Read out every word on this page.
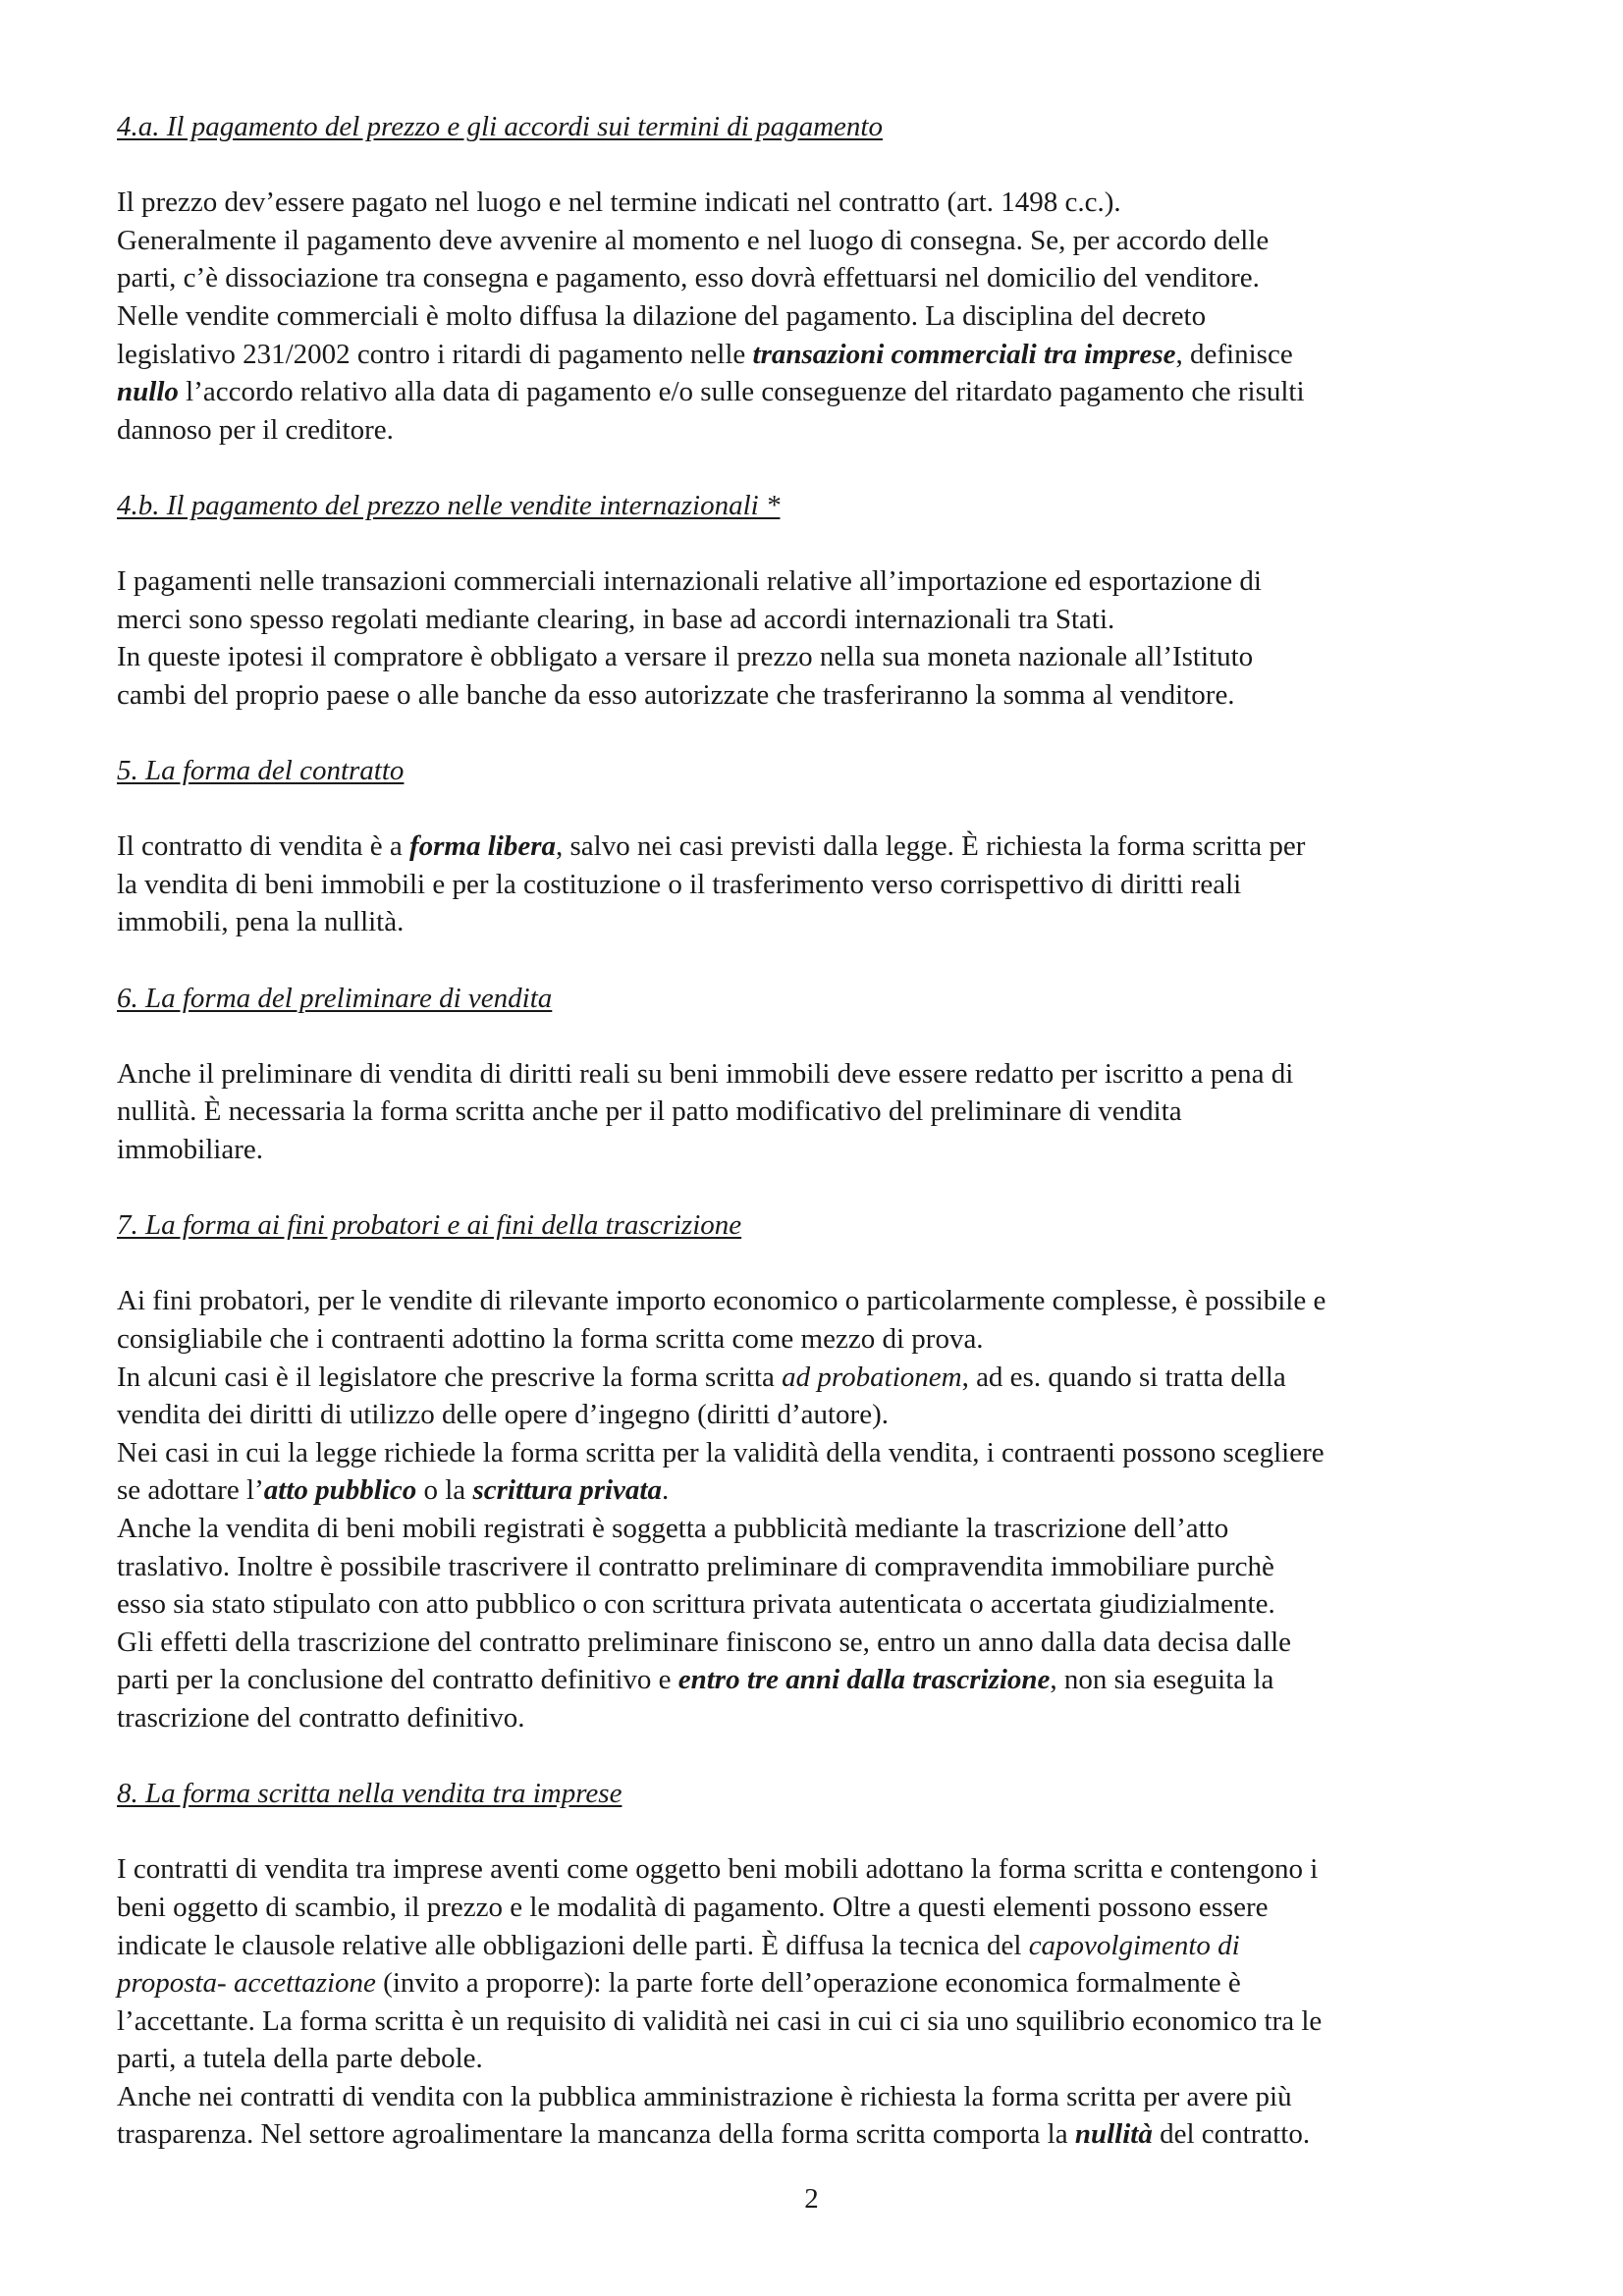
4.a. Il pagamento del prezzo e gli accordi sui termini di pagamento
Il prezzo dev’essere pagato nel luogo e nel termine indicati nel contratto (art. 1498 c.c.).
Generalmente il pagamento deve avvenire al momento e nel luogo di consegna. Se, per accordo delle
parti, c’è dissociazione tra consegna e pagamento, esso dovrà effettuarsi nel domicilio del venditore.
Nelle vendite commerciali è molto diffusa la dilazione del pagamento. La disciplina del decreto
legislativo 231/2002 contro i ritardi di pagamento nelle transazioni commerciali tra imprese, definisce
nullo l’accordo relativo alla data di pagamento e/o sulle conseguenze del ritardato pagamento che risulti
dannoso per il creditore.
4.b. Il pagamento del prezzo nelle vendite internazionali *
I pagamenti nelle transazioni commerciali internazionali relative all’importazione ed esportazione di
merci sono spesso regolati mediante clearing, in base ad accordi internazionali tra Stati.
In queste ipotesi il compratore è obbligato a versare il prezzo nella sua moneta nazionale all’Istituto
cambi del proprio paese o alle banche da esso autorizzate che trasferiranno la somma al venditore.
5. La forma del contratto
Il contratto di vendita è a forma libera, salvo nei casi previsti dalla legge. È richiesta la forma scritta per
la vendita di beni immobili e per la costituzione o il trasferimento verso corrispettivo di diritti reali
immobili, pena la nullità.
6. La forma del preliminare di vendita
Anche il preliminare di vendita di diritti reali su beni immobili deve essere redatto per iscritto a pena di
nullità. È necessaria la forma scritta anche per il patto modificativo del preliminare di vendita
immobiliare.
7. La forma ai fini probatori e ai fini della trascrizione
Ai fini probatori, per le vendite di rilevante importo economico o particolarmente complesse, è possibile e
consigliabile che i contraenti adottino la forma scritta come mezzo di prova.
In alcuni casi è il legislatore che prescrive la forma scritta ad probationem, ad es. quando si tratta della
vendita dei diritti di utilizzo delle opere d’ingegno (diritti d’autore).
Nei casi in cui la legge richiede la forma scritta per la validità della vendita, i contraenti possono scegliere
se adottare l’atto pubblico o la scrittura privata.
Anche la vendita di beni mobili registrati è soggetta a pubblicità mediante la trascrizione dell’atto
traslativo. Inoltre è possibile trascrivere il contratto preliminare di compravendita immobiliare purchè
esso sia stato stipulato con atto pubblico o con scrittura privata autenticata o accertata giudizialmente.
Gli effetti della trascrizione del contratto preliminare finiscono se, entro un anno dalla data decisa dalle
parti per la conclusione del contratto definitivo e entro tre anni dalla trascrizione, non sia eseguita la
trascrizione del contratto definitivo.
8. La forma scritta nella vendita tra imprese
I contratti di vendita tra imprese aventi come oggetto beni mobili adottano la forma scritta e contengono i
beni oggetto di scambio, il prezzo e le modalità di pagamento. Oltre a questi elementi possono essere
indicate le clausole relative alle obbligazioni delle parti. È diffusa la tecnica del capovolgimento di
proposta- accettazione (invito a proporre): la parte forte dell’operazione economica formalmente è
l’accettante. La forma scritta è un requisito di validità nei casi in cui ci sia uno squilibrio economico tra le
parti, a tutela della parte debole.
Anche nei contratti di vendita con la pubblica amministrazione è richiesta la forma scritta per avere più
trasparenza. Nel settore agroalimentare la mancanza della forma scritta comporta la nullità del contratto.
2
